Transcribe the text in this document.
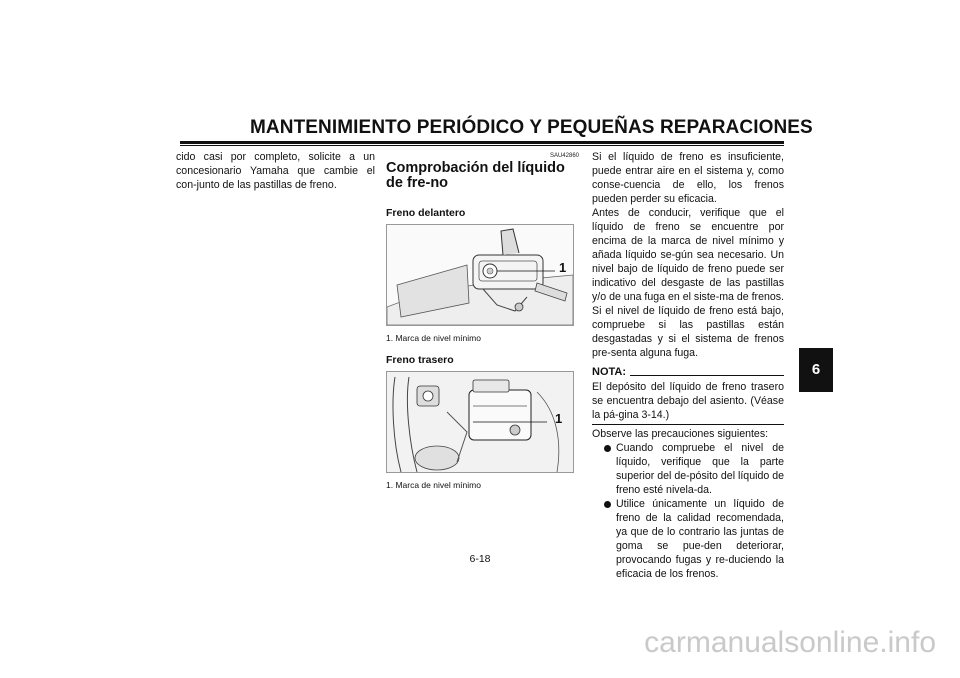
MANTENIMIENTO PERIÓDICO Y PEQUEÑAS REPARACIONES
6
cido casi por completo, solicite a un concesionario Yamaha que cambie el con-junto de las pastillas de freno.
SAU42860
Comprobación del líquido de fre-no
Freno delantero
1
1. Marca de nivel mínimo
Freno trasero
1
1. Marca de nivel mínimo
Si el líquido de freno es insuficiente, puede entrar aire en el sistema y, como conse-cuencia de ello, los frenos pueden perder su eficacia.
Antes de conducir, verifique que el líquido de freno se encuentre por encima de la marca de nivel mínimo y añada líquido se-gún sea necesario. Un nivel bajo de líquido de freno puede ser indicativo del desgaste de las pastillas y/o de una fuga en el siste-ma de frenos. Si el nivel de líquido de freno está bajo, compruebe si las pastillas están desgastadas y si el sistema de frenos pre-senta alguna fuga.
NOTA:
El depósito del líquido de freno trasero se encuentra debajo del asiento. (Véase la pá-gina 3-14.)
Observe las precauciones siguientes:
Cuando compruebe el nivel de líquido, verifique que la parte superior del de-pósito del líquido de freno esté nivela-da.
Utilice únicamente un líquido de freno de la calidad recomendada, ya que de lo contrario las juntas de goma se pue-den deteriorar, provocando fugas y re-duciendo la eficacia de los frenos.
6-18
carmanualsonline.info
